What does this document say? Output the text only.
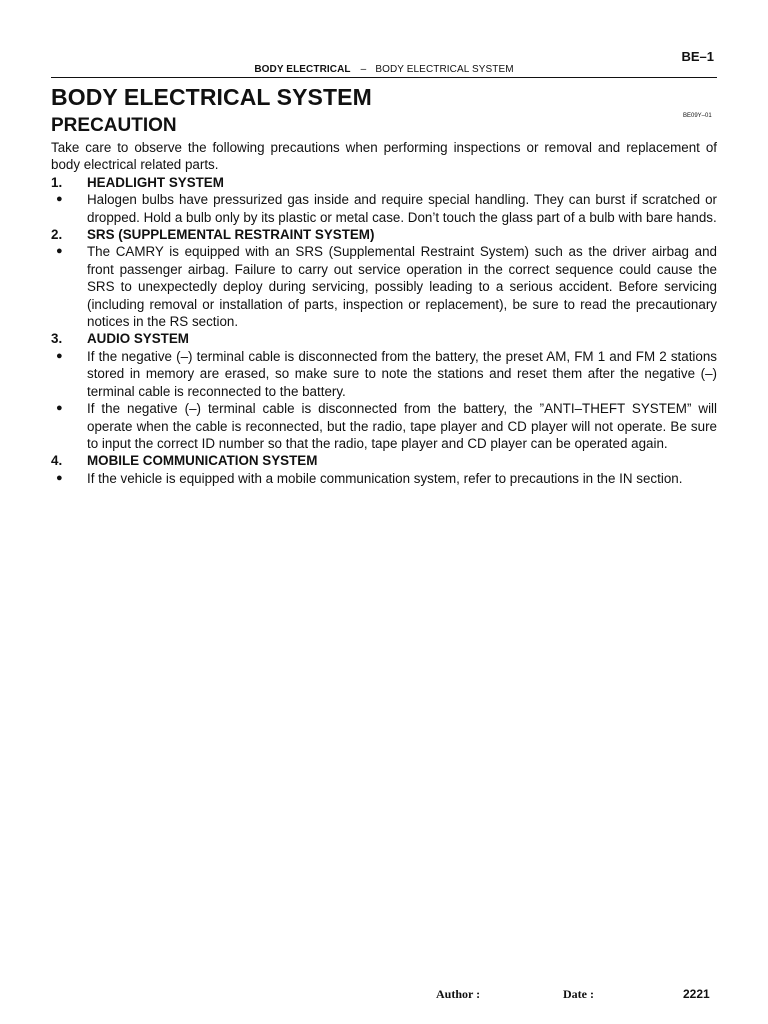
BE–1
BODY ELECTRICAL – BODY ELECTRICAL SYSTEM
BODY ELECTRICAL SYSTEM
PRECAUTION	BE09Y–01

Take care to observe the following precautions when performing inspections or removal and replacement of body electrical related parts.

1.	HEADLIGHT SYSTEM
●	Halogen bulbs have pressurized gas inside and require special handling. They can burst if scratched or dropped. Hold a bulb only by its plastic or metal case. Don’t touch the glass part of a bulb with bare hands.
2.	SRS (SUPPLEMENTAL RESTRAINT SYSTEM)
●	The CAMRY is equipped with an SRS (Supplemental Restraint System) such as the driver airbag and front passenger airbag. Failure to carry out service operation in the correct sequence could cause the SRS to unexpectedly deploy during servicing, possibly leading to a serious accident. Before servicing (including removal or installation of parts, inspection or replacement), be sure to read the precautionary notices in the RS section.
3.	AUDIO SYSTEM
●	If the negative (–) terminal cable is disconnected from the battery, the preset AM, FM 1 and FM 2 stations stored in memory are erased, so make sure to note the stations and reset them after the negative (–) terminal cable is reconnected to the battery.
●	If the negative (–) terminal cable is disconnected from the battery, the ”ANTI–THEFT SYSTEM” will operate when the cable is reconnected, but the radio, tape player and CD player will not operate. Be sure to input the correct ID number so that the radio, tape player and CD player can be operated again.
4.	MOBILE COMMUNICATION SYSTEM
●	If the vehicle is equipped with a mobile communication system, refer to precautions in the IN section.
Author :	Date :	2221
